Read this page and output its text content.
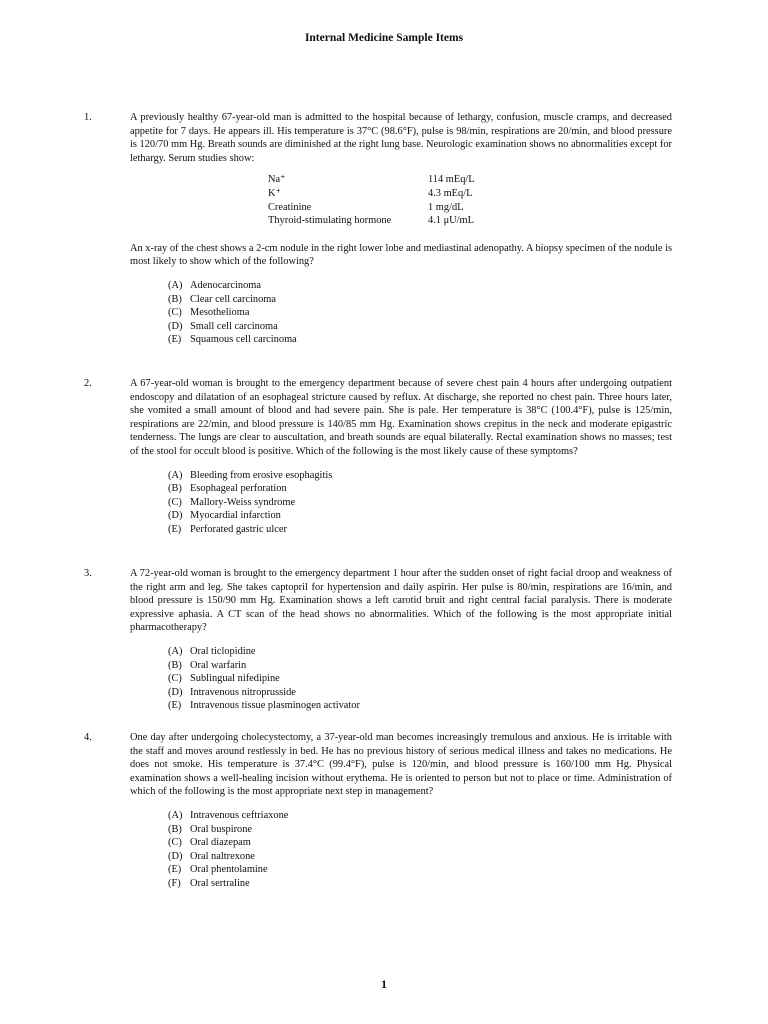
Internal Medicine Sample Items
1.	A previously healthy 67-year-old man is admitted to the hospital because of lethargy, confusion, muscle cramps, and decreased appetite for 7 days. He appears ill. His temperature is 37°C (98.6°F), pulse is 98/min, respirations are 20/min, and blood pressure is 120/70 mm Hg. Breath sounds are diminished at the right lung base. Neurologic examination shows no abnormalities except for lethargy. Serum studies show:

Na⁺	114 mEq/L
K⁺	4.3 mEq/L
Creatinine	1 mg/dL
Thyroid-stimulating hormone	4.1 μU/mL

An x-ray of the chest shows a 2-cm nodule in the right lower lobe and mediastinal adenopathy. A biopsy specimen of the nodule is most likely to show which of the following?

(A) Adenocarcinoma
(B) Clear cell carcinoma
(C) Mesothelioma
(D) Small cell carcinoma
(E) Squamous cell carcinoma
2.	A 67-year-old woman is brought to the emergency department because of severe chest pain 4 hours after undergoing outpatient endoscopy and dilatation of an esophageal stricture caused by reflux. At discharge, she reported no chest pain. Three hours later, she vomited a small amount of blood and had severe pain. She is pale. Her temperature is 38°C (100.4°F), pulse is 125/min, respirations are 22/min, and blood pressure is 140/85 mm Hg. Examination shows crepitus in the neck and moderate epigastric tenderness. The lungs are clear to auscultation, and breath sounds are equal bilaterally. Rectal examination shows no masses; test of the stool for occult blood is positive. Which of the following is the most likely cause of these symptoms?

(A) Bleeding from erosive esophagitis
(B) Esophageal perforation
(C) Mallory-Weiss syndrome
(D) Myocardial infarction
(E) Perforated gastric ulcer
3.	A 72-year-old woman is brought to the emergency department 1 hour after the sudden onset of right facial droop and weakness of the right arm and leg. She takes captopril for hypertension and daily aspirin. Her pulse is 80/min, respirations are 16/min, and blood pressure is 150/90 mm Hg. Examination shows a left carotid bruit and right central facial paralysis. There is moderate expressive aphasia. A CT scan of the head shows no abnormalities. Which of the following is the most appropriate initial pharmacotherapy?

(A) Oral ticlopidine
(B) Oral warfarin
(C) Sublingual nifedipine
(D) Intravenous nitroprusside
(E) Intravenous tissue plasminogen activator
4.	One day after undergoing cholecystectomy, a 37-year-old man becomes increasingly tremulous and anxious. He is irritable with the staff and moves around restlessly in bed. He has no previous history of serious medical illness and takes no medications. He does not smoke. His temperature is 37.4°C (99.4°F), pulse is 120/min, and blood pressure is 160/100 mm Hg. Physical examination shows a well-healing incision without erythema. He is oriented to person but not to place or time. Administration of which of the following is the most appropriate next step in management?

(A) Intravenous ceftriaxone
(B) Oral buspirone
(C) Oral diazepam
(D) Oral naltrexone
(E) Oral phentolamine
(F) Oral sertraline
1
